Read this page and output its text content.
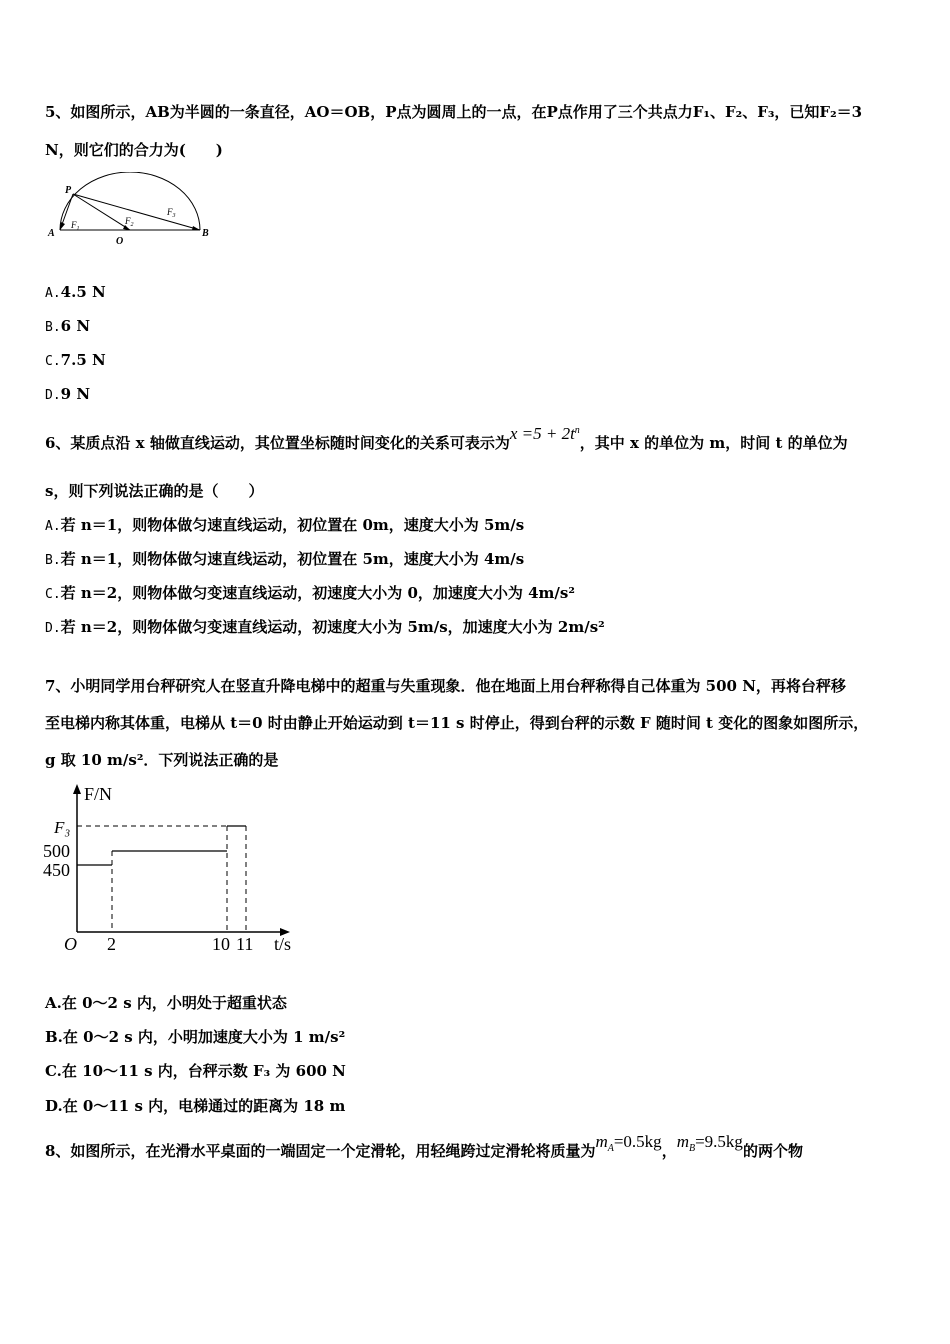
5、如图所示，AB为半圆的一条直径，AO＝OB，P点为圆周上的一点，在P点作用了三个共点力F₁、F₂、F₃，已知F₂＝3
N，则它们的合力为(　　)
P
A
O
B
$F_1$
$F_2$
$F_3$
A.4.5 N
B.6 N
C.7.5 N
D.9 N
6、某质点沿 x 轴做直线运动，其位置坐标随时间变化的关系可表示为$x =5 + 2t^n$，其中 x 的单位为 m，时间 t 的单位为
s，则下列说法正确的是（　　）
A.若 n＝1，则物体做匀速直线运动，初位置在 0m，速度大小为 5m/s
B.若 n＝1，则物体做匀速直线运动，初位置在 5m，速度大小为 4m/s
C.若 n＝2，则物体做匀变速直线运动，初速度大小为 0，加速度大小为 4m/s²
D.若 n＝2，则物体做匀变速直线运动，初速度大小为 5m/s，加速度大小为 2m/s²
7、小明同学用台秤研究人在竖直升降电梯中的超重与失重现象．他在地面上用台秤称得自己体重为 500 N，再将台秤移
至电梯内称其体重，电梯从 t＝0 时由静止开始运动到 t＝11 s 时停止，得到台秤的示数 F 随时间 t 变化的图象如图所示，
g 取 10 m/s²．下列说法正确的是
F/N
t/s
O
F₃
500
450
2	10 11
A.在 0～2 s 内，小明处于超重状态
B.在 0～2 s 内，小明加速度大小为 1 m/s²
C.在 10～11 s 内，台秤示数 F₃ 为 600 N
D.在 0～11 s 内，电梯通过的距离为 18 m
8、如图所示，在光滑水平桌面的一端固定一个定滑轮，用轻绳跨过定滑轮将质量为$m_A=0.5kg$，$m_B=9.5kg$的两个物
